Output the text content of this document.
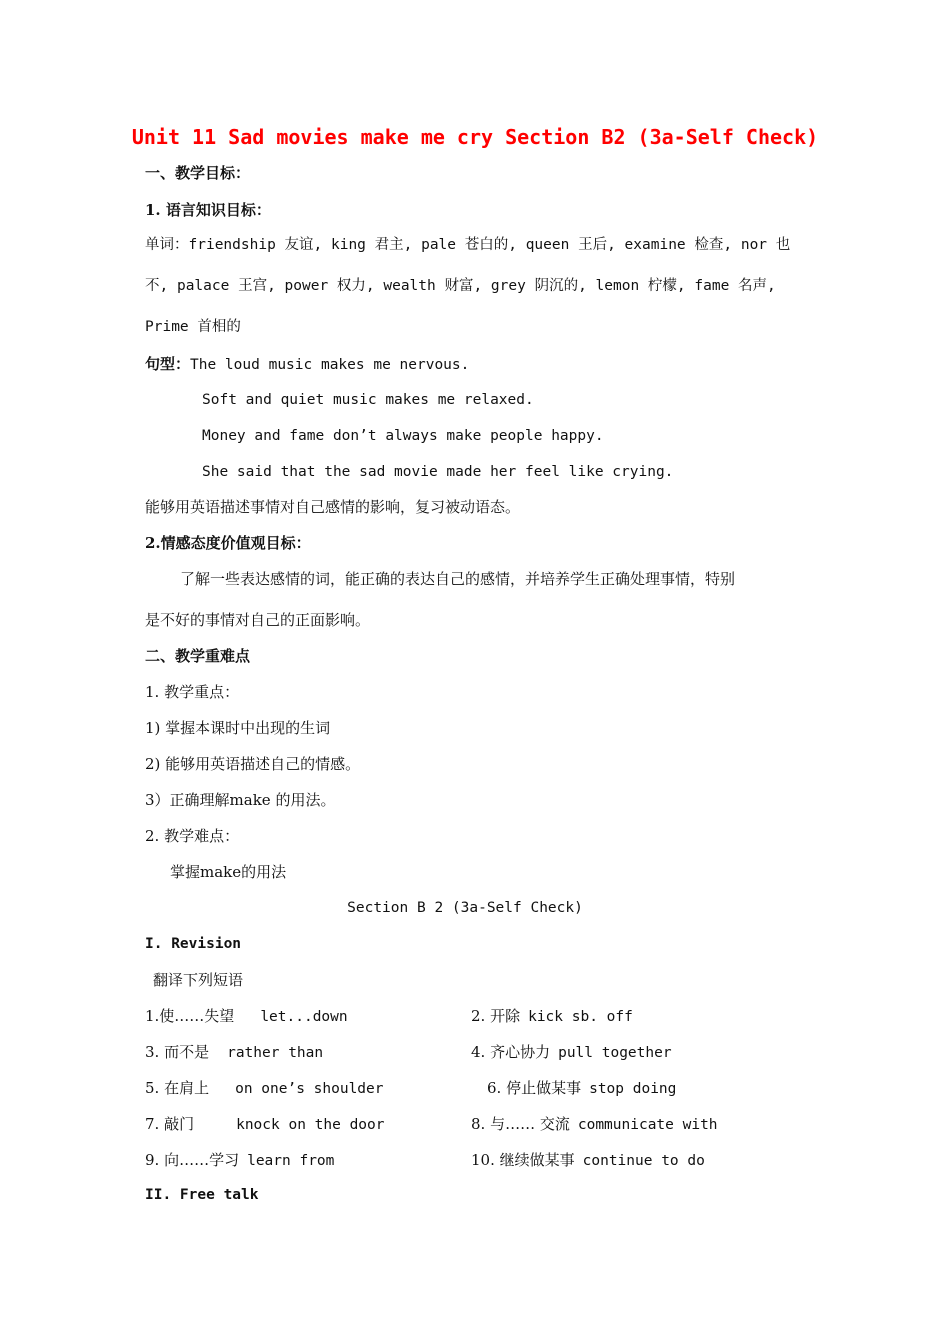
Unit 11 Sad movies make me cry Section B2 (3a-Self Check)
一、教学目标：
1. 语言知识目标：
单词：friendship 友谊, king 君主, pale 苍白的, queen 王后, examine 检查, nor 也
不, palace 王宫, power 权力, wealth 财富, grey 阴沉的, lemon 柠檬, fame 名声,
Prime 首相的
句型：The loud music makes me nervous.
Soft and quiet music makes me relaxed.
Money and fame don’t always make people happy.
She said that the sad movie made her feel like crying.
能够用英语描述事情对自己感情的影响，复习被动语态。
2.情感态度价值观目标：
了解一些表达感情的词，能正确的表达自己的感情，并培养学生正确处理事情，特别
是不好的事情对自己的正面影响。
二、教学重难点
1. 教学重点：
1) 掌握本课时中出现的生词
2) 能够用英语描述自己的情感。
3）正确理解make 的用法。
2. 教学难点：
掌握make的用法
Section B 2 (3a-Self Check)
I. Revision
翻译下列短语
1.使……失望 let...down	2. 开除 kick sb. off
3. 而不是 rather than	4. 齐心协力 pull together
5. 在肩上 on one’s shoulder	6. 停止做某事 stop doing
7. 敲门	knock on the door	8. 与…… 交流 communicate with
9. 向……学习 learn from	10. 继续做某事 continue to do
II. Free talk
